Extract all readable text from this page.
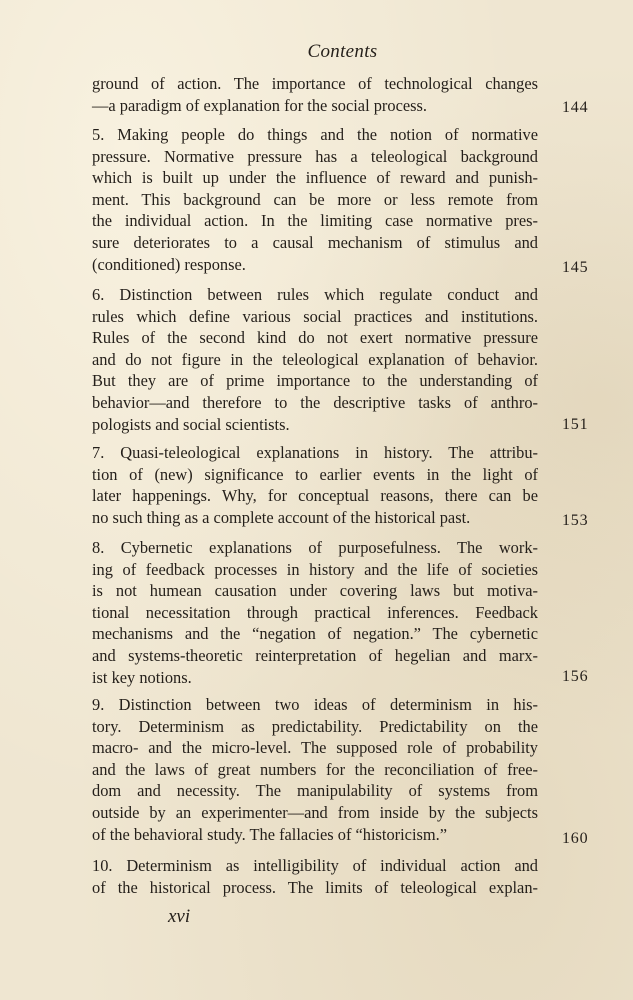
Contents
ground of action. The importance of technological changes
—a paradigm of explanation for the social process.	144
5. Making people do things and the notion of normative
pressure. Normative pressure has a teleological background
which is built up under the influence of reward and punish-
ment. This background can be more or less remote from
the individual action. In the limiting case normative pres-
sure deteriorates to a causal mechanism of stimulus and
(conditioned) response.	145
6. Distinction between rules which regulate conduct and
rules which define various social practices and institutions.
Rules of the second kind do not exert normative pressure
and do not figure in the teleological explanation of behavior.
But they are of prime importance to the understanding of
behavior—and therefore to the descriptive tasks of anthro-
pologists and social scientists.	151
7. Quasi-teleological explanations in history. The attribu-
tion of (new) significance to earlier events in the light of
later happenings. Why, for conceptual reasons, there can be
no such thing as a complete account of the historical past.	153
8. Cybernetic explanations of purposefulness. The work-
ing of feedback processes in history and the life of societies
is not humean causation under covering laws but motiva-
tional necessitation through practical inferences. Feedback
mechanisms and the “negation of negation.” The cybernetic
and systems-theoretic reinterpretation of hegelian and marx-
ist key notions.	156
9. Distinction between two ideas of determinism in his-
tory. Determinism as predictability. Predictability on the
macro- and the micro-level. The supposed role of probability
and the laws of great numbers for the reconciliation of free-
dom and necessity. The manipulability of systems from
outside by an experimenter—and from inside by the subjects
of the behavioral study. The fallacies of “historicism.”	160
10. Determinism as intelligibility of individual action and
of the historical process. The limits of teleological explan-
xvi
